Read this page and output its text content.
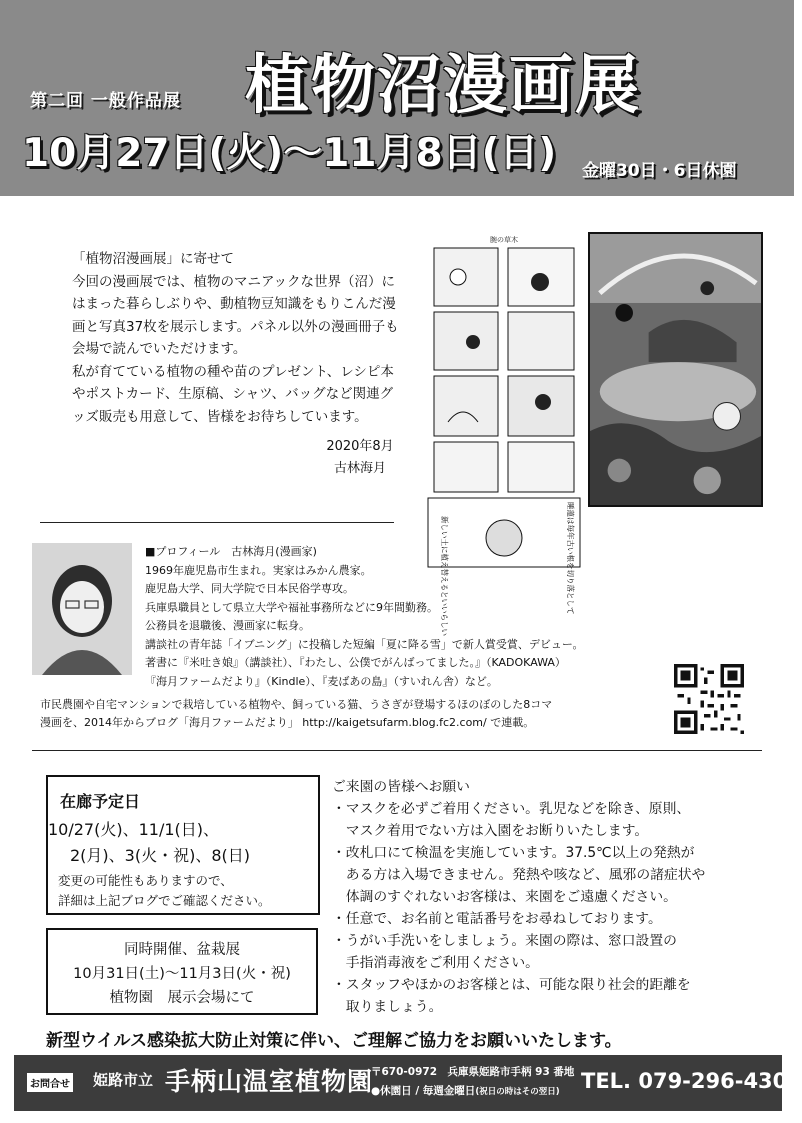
第二回 一般作品展 植物沼漫画展
10月27日(火)〜11月8日(日) 金曜30日・6日休園

「植物沼漫画展」に寄せて

今回の漫画展では、植物のマニアックな世界（沼）に

はまった暮らしぶりや、動植物豆知識をもりこんだ漫

画と写真37枚を展示します。パネル以外の漫画冊子も

会場で読んでいただけます。

私が育てている植物の種や苗のプレゼント、レシピ本

やポストカード、生原稿、シャツ、バッグなど関連グ

ッズ販売も用意して、皆様をお待ちしています。

2020年8月
古林海月
腕の草木
新しい土に植え替えるといいらしい	睡蓮は毎年古い根を切り落として

■プロフィール　古林海月(漫画家)

1969年鹿児島市生まれ。実家はみかん農家。

鹿児島大学、同大学院で日本民俗学専攻。

兵庫県職員として県立大学や福祉事務所などに9年間勤務。

公務員を退職後、漫画家に転身。

講談社の青年誌「イブニング」に投稿した短編「夏に降る雪」で新人賞受賞、デビュー。

著書に『米吐き娘』（講談社）、『わたし、公僕でがんばってました。』（KADOKAWA）

『海月ファームだより』（Kindle）、『麦ばあの島』（すいれん舎）など。

市民農園や自宅マンションで栽培している植物や、飼っている猫、うさぎが登場するほのぼのした8コマ

漫画を、2014年からブログ「海月ファームだより」 http://kaigetsufarm.blog.fc2.com/ で連載。

在廊予定日
10/27(火)、11/1(日)、
2(月)、3(火・祝)、8(日)
変更の可能性もありますので、
詳細は上記ブログでご確認ください。
同時開催、盆栽展
10月31日(土)〜11月3日(火・祝)
植物園　展示会場にて

ご来園の皆様へお願い

・マスクを必ずご着用ください。乳児などを除き、原則、

　マスク着用でない方は入園をお断りいたします。

・改札口にて検温を実施しています。37.5℃以上の発熱が

　ある方は入場できません。発熱や咳など、風邪の諸症状や

　体調のすぐれないお客様は、来園をご遠慮ください。

・任意で、お名前と電話番号をお尋ねしております。

・うがい手洗いをしましょう。来園の際は、窓口設置の

　手指消毒液をご利用ください。

・スタッフやほかのお客様とは、可能な限り社会的距離を

　取りましょう。

新型ウイルス感染拡大防止対策に伴い、ご理解ご協力をお願いいたします。
お問合せ 姫路市立 手柄山温室植物園
〒670-0972　兵庫県姫路市手柄 93 番地
●休園日 / 毎週金曜日(祝日の時はその翌日) TEL. 079-296-4300
